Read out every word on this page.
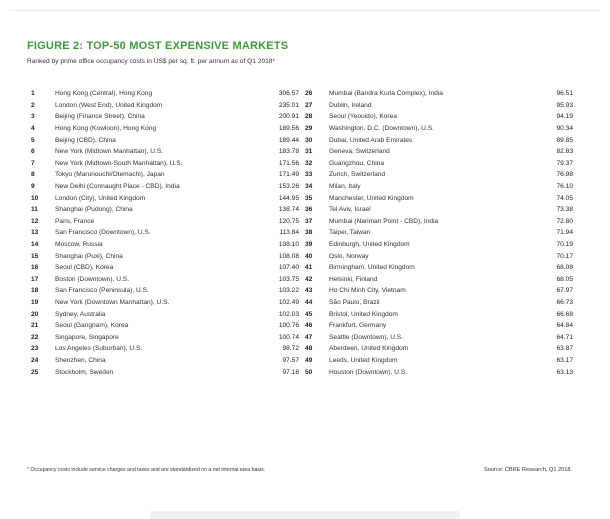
FIGURE 2: TOP-50 MOST EXPENSIVE MARKETS
Ranked by prime office occupancy costs in US$ per sq. ft. per annum as of Q1 2018*
1	Hong Kong (Central), Hong Kong	306.57
2	London (West End), United Kingdom	235.01
3	Beijing (Finance Street), China	200.91
4	Hong Kong (Kowloon), Hong Kong	189.56
5	Beijing (CBD), China	189.44
6	New York (Midtown Manhattan), U.S.	183.78
7	New York (Midtown-South Manhattan), U.S.	171.56
8	Tokyo (Marunouchi/Otemachi), Japan	171.49
9	New Delhi (Connaught Place - CBD), India	153.26
10	London (City), United Kingdom	144.95
11	Shanghai (Pudong), China	138.74
12	Paris, France	120.75
13	San Francisco (Downtown), U.S.	113.84
14	Moscow, Russia	108.10
15	Shanghai (Puxi), China	108.08
16	Seoul (CBD), Korea	107.40
17	Boston (Downtown), U.S.	103.75
18	San Francisco (Peninsula), U.S.	103.22
19	New York (Downtown Manhattan), U.S.	102.49
20	Sydney, Australia	102.03
21	Seoul (Gangnam), Korea	100.76
22	Singapore, Singapore	100.74
23	Los Angeles (Suburban), U.S.	98.72
24	Shenzhen, China	97.57
25	Stockholm, Sweden	97.18
26	Mumbai (Bandra Kurla Complex), India	96.51
27	Dublin, Ireland	95.93
28	Seoul (Yeouido), Korea	94.19
29	Washington, D.C. (Downtown), U.S.	90.34
30	Dubai, United Arab Emirates	89.85
31	Geneva, Switzerland	82.83
32	Guangzhou, China	79.37
33	Zurich, Switzerland	76.98
34	Milan, Italy	76.10
35	Manchester, United Kingdom	74.05
36	Tel Aviv, Israel	73.38
37	Mumbai (Nariman Point - CBD), India	72.80
38	Taipei, Taiwan	71.94
39	Edinburgh, United Kingdom	70.19
40	Oslo, Norway	70.17
41	Birmingham, United Kingdom	68.08
42	Helsinki, Finland	68.05
43	Ho Chi Minh City, Vietnam	67.97
44	São Paulo, Brazil	66.73
45	Bristol, United Kingdom	66.68
46	Frankfurt, Germany	64.84
47	Seattle (Downtown), U.S.	64.71
48	Aberdeen, United Kingdom	63.87
49	Leeds, United Kingdom	63.17
50	Houston (Downtown), U.S.	63.13
* Occupancy costs include service charges and taxes and are standardized on a net internal area basis.	Source: CBRE Research, Q1 2018.
